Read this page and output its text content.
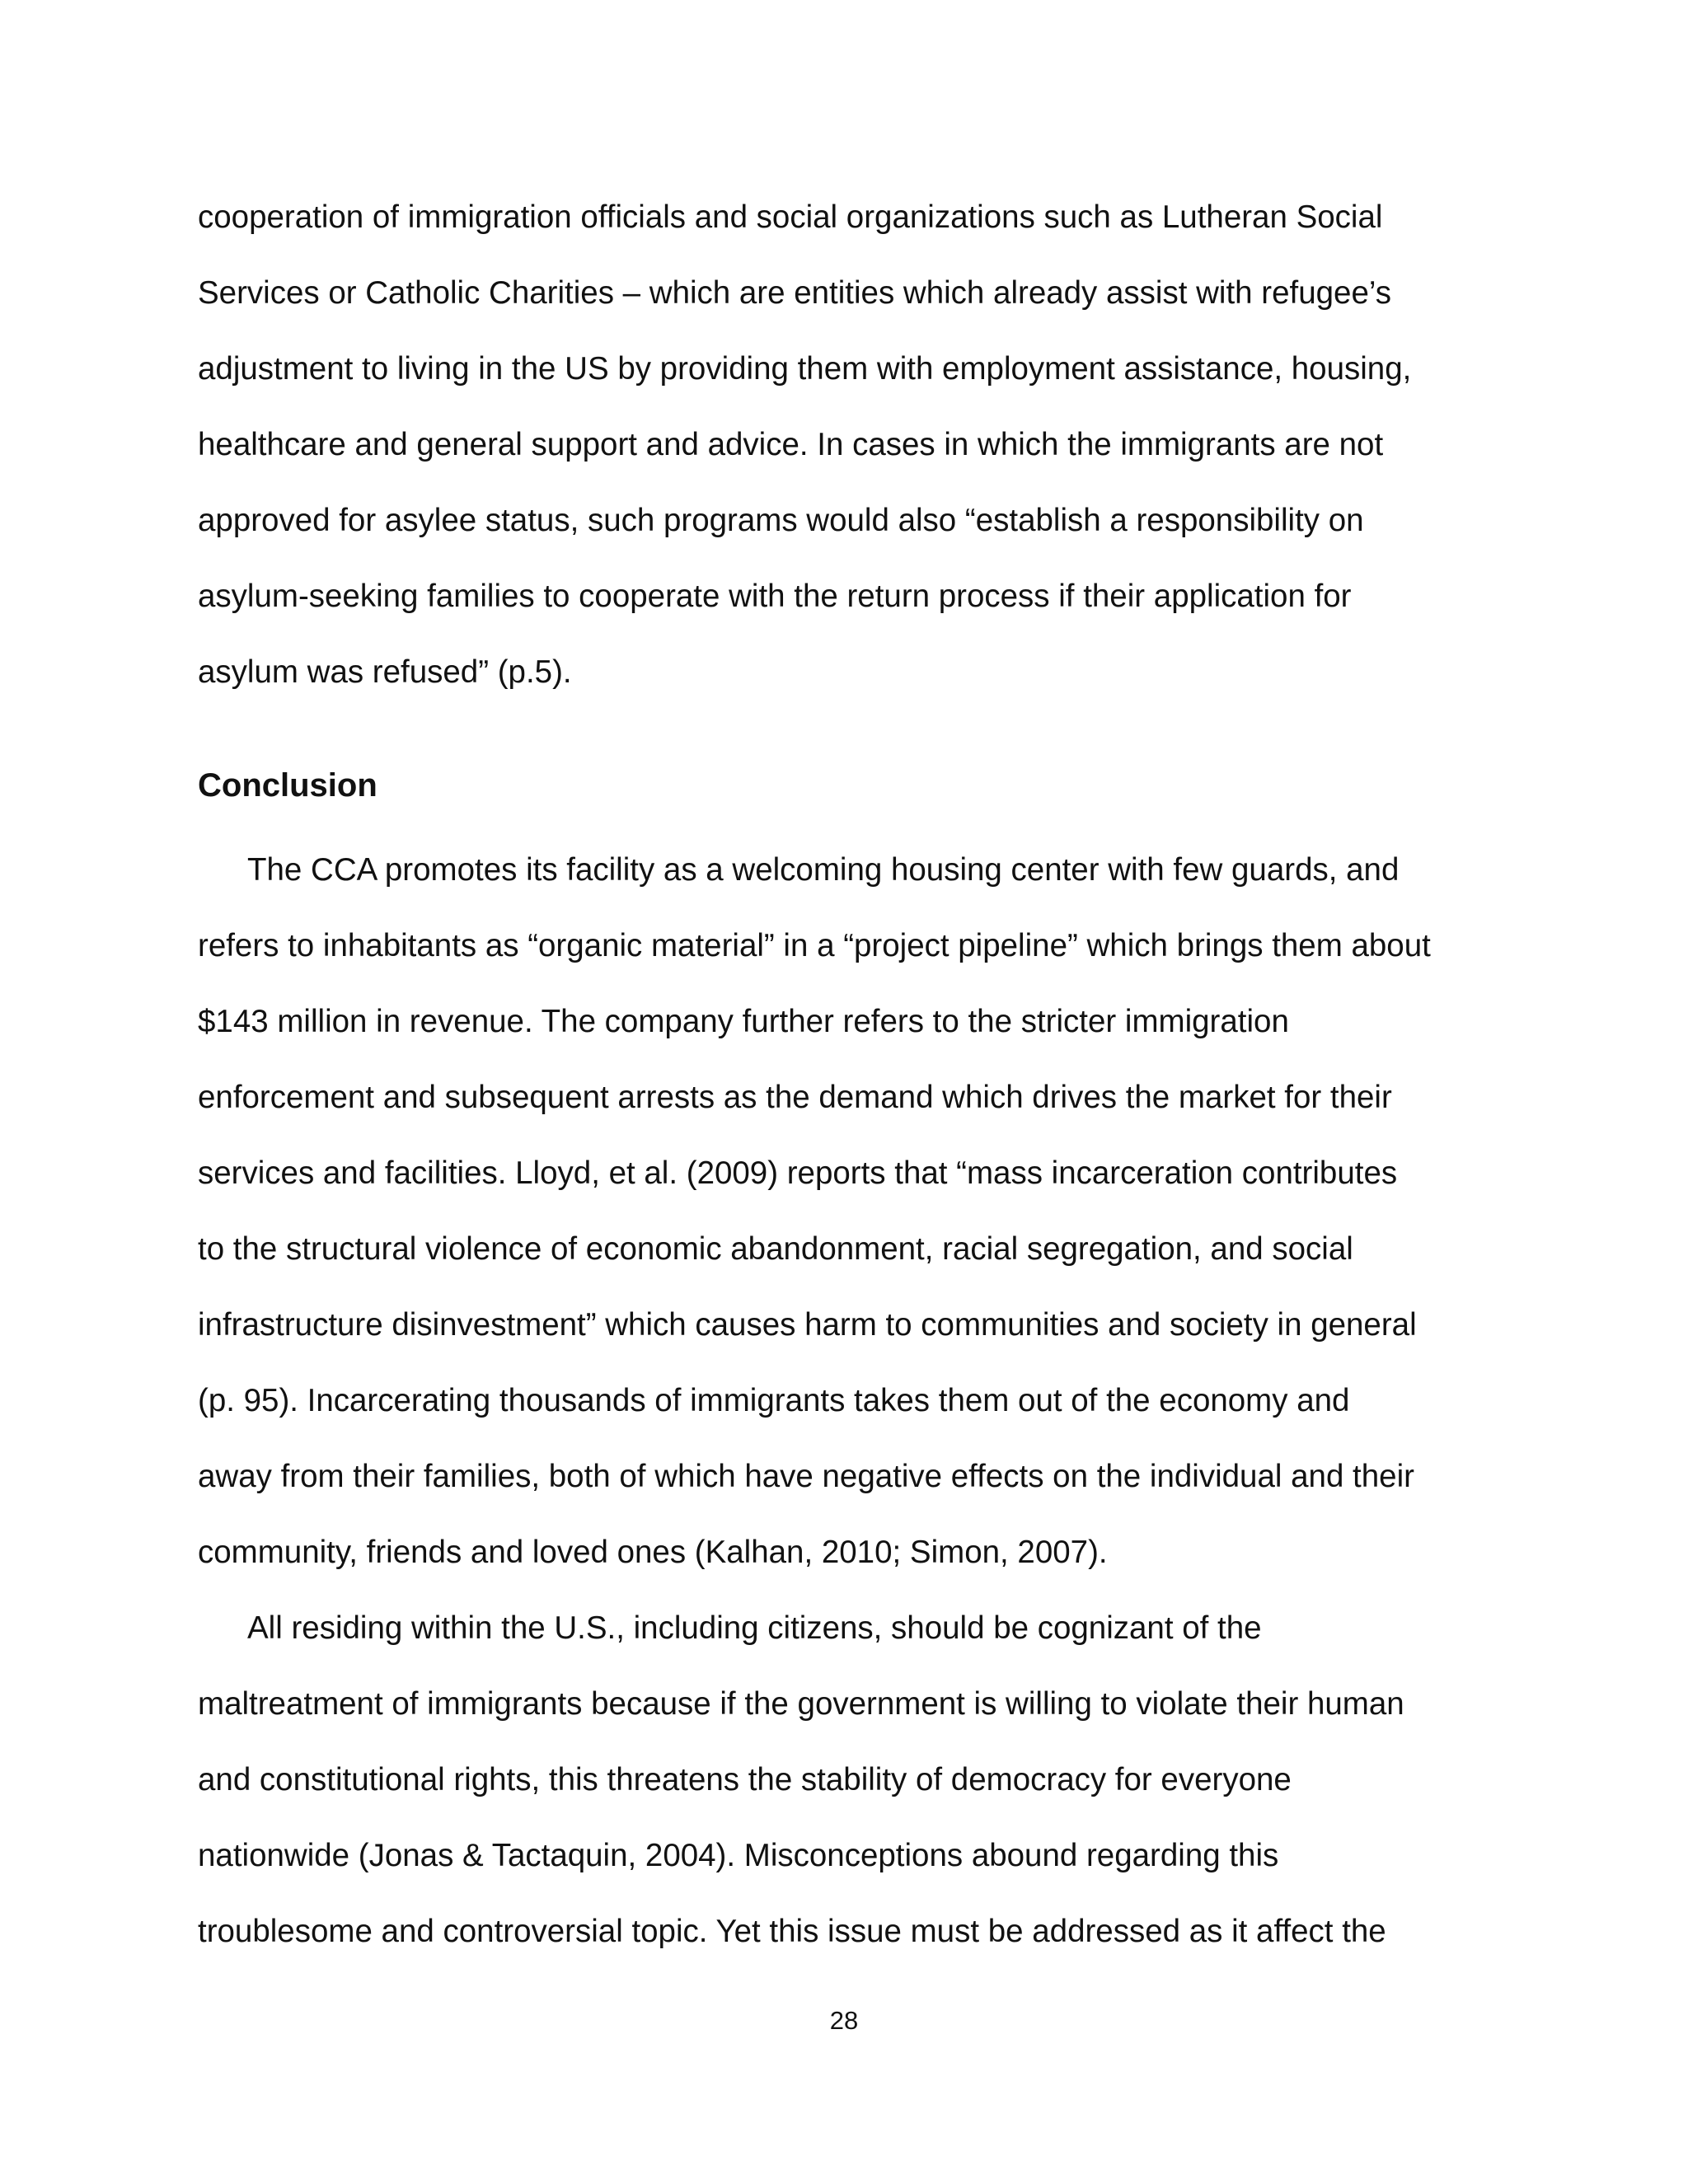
cooperation of immigration officials and social organizations such as Lutheran Social
Services or Catholic Charities – which are entities which already assist with refugee’s
adjustment to living in the US by providing them with employment assistance, housing,
healthcare and general support and advice. In cases in which the immigrants are not
approved for asylee status, such programs would also “establish a responsibility on
asylum-seeking families to cooperate with the return process if their application for
asylum was refused” (p.5).
Conclusion
The CCA promotes its facility as a welcoming housing center with few guards, and
refers to inhabitants as “organic material” in a “project pipeline” which brings them about
$143 million in revenue. The company further refers to the stricter immigration
enforcement and subsequent arrests as the demand which drives the market for their
services and facilities. Lloyd, et al. (2009) reports that “mass incarceration contributes
to the structural violence of economic abandonment, racial segregation, and social
infrastructure disinvestment” which causes harm to communities and society in general
(p. 95). Incarcerating thousands of immigrants takes them out of the economy and
away from their families, both of which have negative effects on the individual and their
community, friends and loved ones (Kalhan, 2010; Simon, 2007).
All residing within the U.S., including citizens, should be cognizant of the
maltreatment of immigrants because if the government is willing to violate their human
and constitutional rights, this threatens the stability of democracy for everyone
nationwide (Jonas & Tactaquin, 2004). Misconceptions abound regarding this
troublesome and controversial topic. Yet this issue must be addressed as it affect the
28
